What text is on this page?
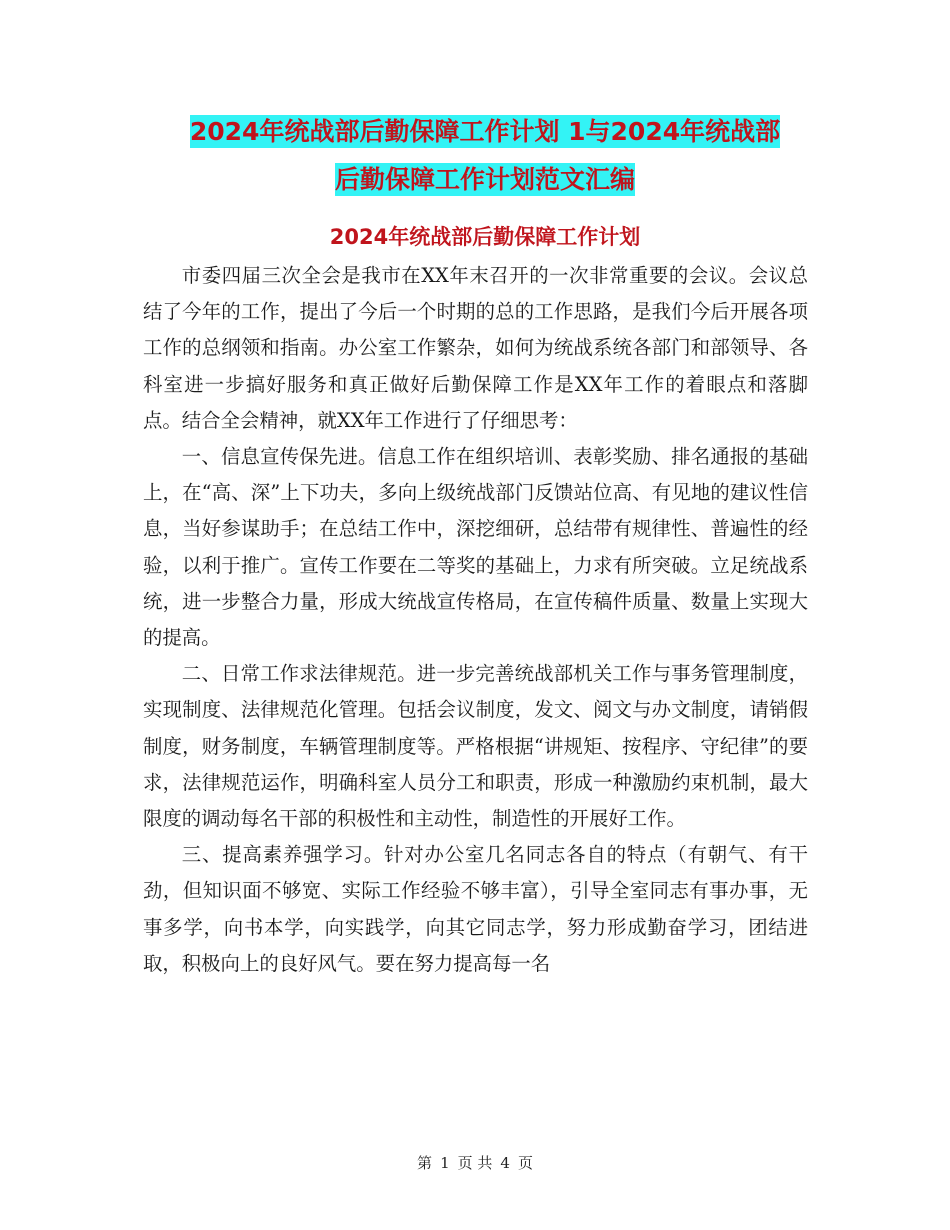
2024年统战部后勤保障工作计划 1与2024年统战部
后勤保障工作计划范文汇编
2024年统战部后勤保障工作计划

市委四届三次全会是我市在XX年末召开的一次非常重要的会议。会议总结了今年的工作，提出了今后一个时期的总的工作思路，是我们今后开展各项工作的总纲领和指南。办公室工作繁杂，如何为统战系统各部门和部领导、各科室进一步搞好服务和真正做好后勤保障工作是XX年工作的着眼点和落脚点。结合全会精神，就XX年工作进行了仔细思考：

一、信息宣传保先进。信息工作在组织培训、表彰奖励、排名通报的基础上，在“高、深”上下功夫，多向上级统战部门反馈站位高、有见地的建议性信息，当好参谋助手；在总结工作中，深挖细研，总结带有规律性、普遍性的经验，以利于推广。宣传工作要在二等奖的基础上，力求有所突破。立足统战系统，进一步整合力量，形成大统战宣传格局，在宣传稿件质量、数量上实现大的提高。

二、日常工作求法律规范。进一步完善统战部机关工作与事务管理制度，实现制度、法律规范化管理。包括会议制度，发文、阅文与办文制度，请销假制度，财务制度，车辆管理制度等。严格根据“讲规矩、按程序、守纪律”的要求，法律规范运作，明确科室人员分工和职责，形成一种激励约束机制，最大限度的调动每名干部的积极性和主动性，制造性的开展好工作。

三、提高素养强学习。针对办公室几名同志各自的特点（有朝气、有干劲，但知识面不够宽、实际工作经验不够丰富），引导全室同志有事办事，无事多学，向书本学，向实践学，向其它同志学，努力形成勤奋学习，团结进取，积极向上的良好风气。要在努力提高每一名

第 1 页 共 4 页
